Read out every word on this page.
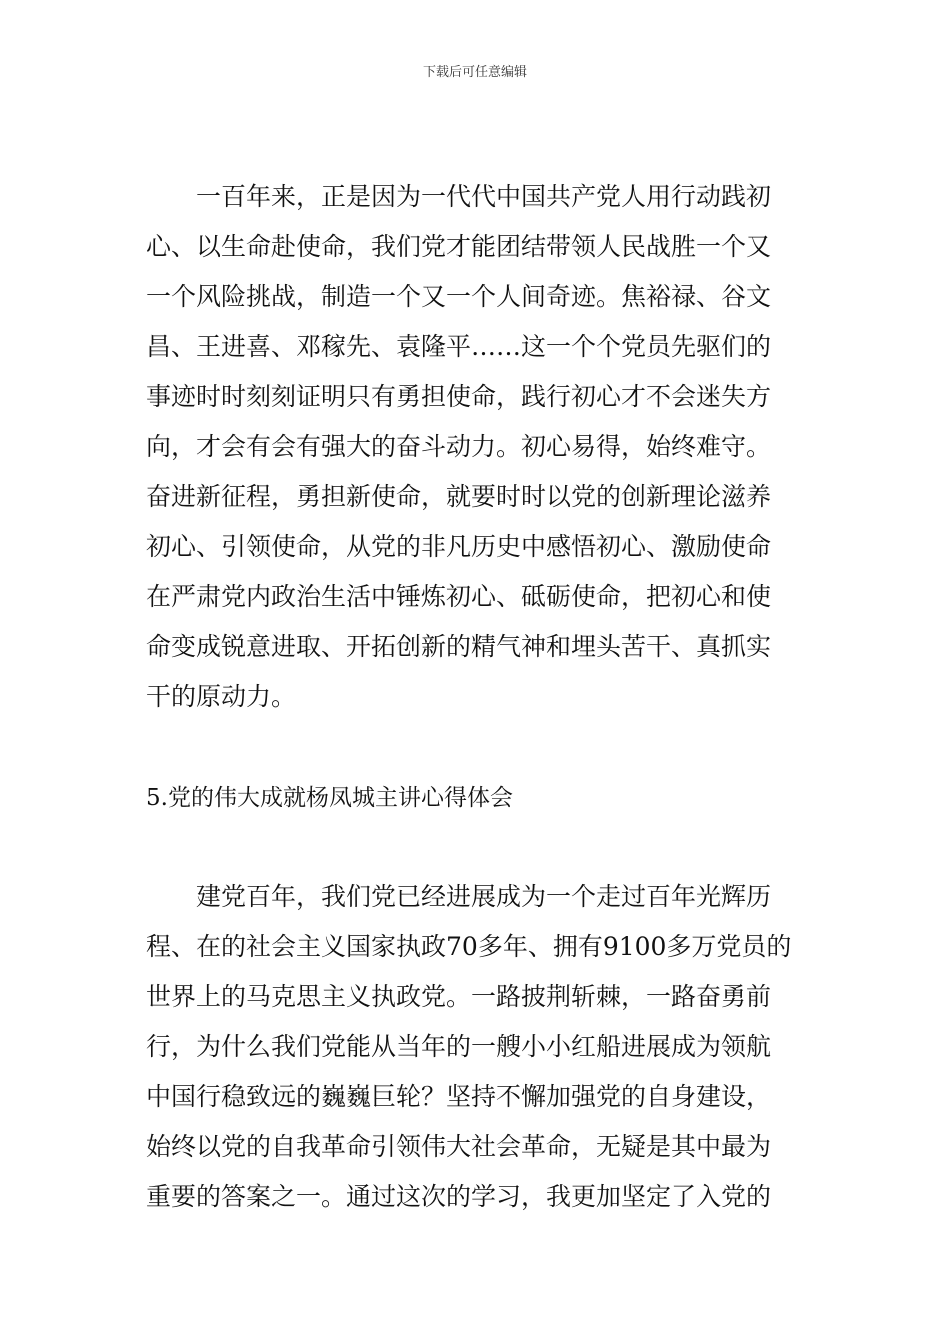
下载后可任意编辑
一百年来，正是因为一代代中国共产党人用行动践初
心、以生命赴使命，我们党才能团结带领人民战胜一个又
一个风险挑战，制造一个又一个人间奇迹。焦裕禄、谷文
昌、王进喜、邓稼先、袁隆平……这一个个党员先驱们的
事迹时时刻刻证明只有勇担使命，践行初心才不会迷失方
向，才会有会有强大的奋斗动力。初心易得，始终难守。
奋进新征程，勇担新使命，就要时时以党的创新理论滋养
初心、引领使命，从党的非凡历史中感悟初心、激励使命
在严肃党内政治生活中锤炼初心、砥砺使命，把初心和使
命变成锐意进取、开拓创新的精气神和埋头苦干、真抓实
干的原动力。
5.党的伟大成就杨凤城主讲心得体会
建党百年，我们党已经进展成为一个走过百年光辉历
程、在的社会主义国家执政70多年、拥有9100多万党员的
世界上的马克思主义执政党。一路披荆斩棘，一路奋勇前
行，为什么我们党能从当年的一艘小小红船进展成为领航
中国行稳致远的巍巍巨轮？坚持不懈加强党的自身建设，
始终以党的自我革命引领伟大社会革命，无疑是其中最为
重要的答案之一。通过这次的学习，我更加坚定了入党的
